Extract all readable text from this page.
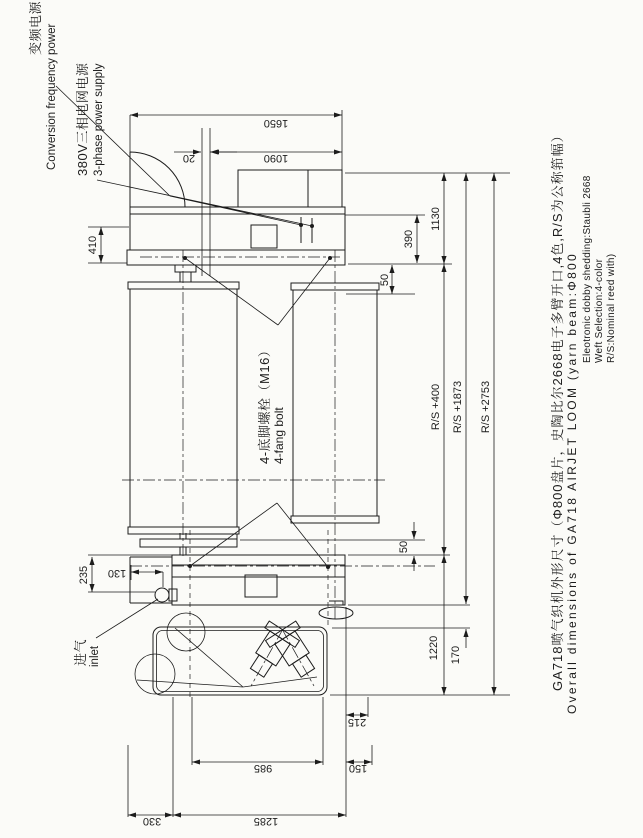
1650
1090
20
130
215
985	150
1285
330
410
235
390
1130
50
50
R/S +400 R/S +1873 R/S +2753
1220 170
变频电源 Conversion frequency power 380V三相电网电源 3-phase power supply
4-底脚螺栓（M16） 4-fang bolt
进气 inlet	GA718喷气织机外形尺寸（Φ800盘片，史陶比尔2668电子多臂开口,4色,R/S为公称筘幅） Overall dimensions of GA718 AIRJET LOOM (yarn beam:Φ800 Eleotronic dobby shedding:Staubli 2668 Weft Selection:4-color R/S:Nominal reed with)
